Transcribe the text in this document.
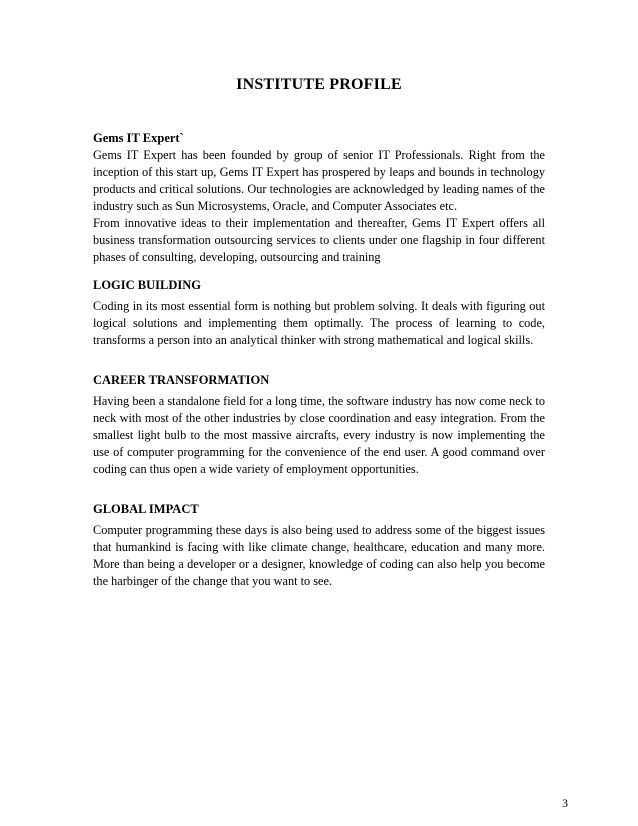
INSTITUTE PROFILE

Gems IT Expert`

Gems IT Expert has been founded by group of senior IT Professionals. Right from the inception of this start up, Gems IT Expert has prospered by leaps and bounds in technology products and critical solutions. Our technologies are acknowledged by leading names of the industry such as Sun Microsystems, Oracle, and Computer Associates etc.

From innovative ideas to their implementation and thereafter, Gems IT Expert offers all business transformation outsourcing services to clients under one flagship in four different phases of consulting, developing, outsourcing and training

LOGIC BUILDING

Coding in its most essential form is nothing but problem solving. It deals with figuring out logical solutions and implementing them optimally. The process of learning to code, transforms a person into an analytical thinker with strong mathematical and logical skills.

CAREER TRANSFORMATION

Having been a standalone field for a long time, the software industry has now come neck to neck with most of the other industries by close coordination and easy integration. From the smallest light bulb to the most massive aircrafts, every industry is now implementing the use of computer programming for the convenience of the end user. A good command over coding can thus open a wide variety of employment opportunities.

GLOBAL IMPACT

Computer programming these days is also being used to address some of the biggest issues that humankind is facing with like climate change, healthcare, education and many more. More than being a developer or a designer, knowledge of coding can also help you become the harbinger of the change that you want to see.

3
